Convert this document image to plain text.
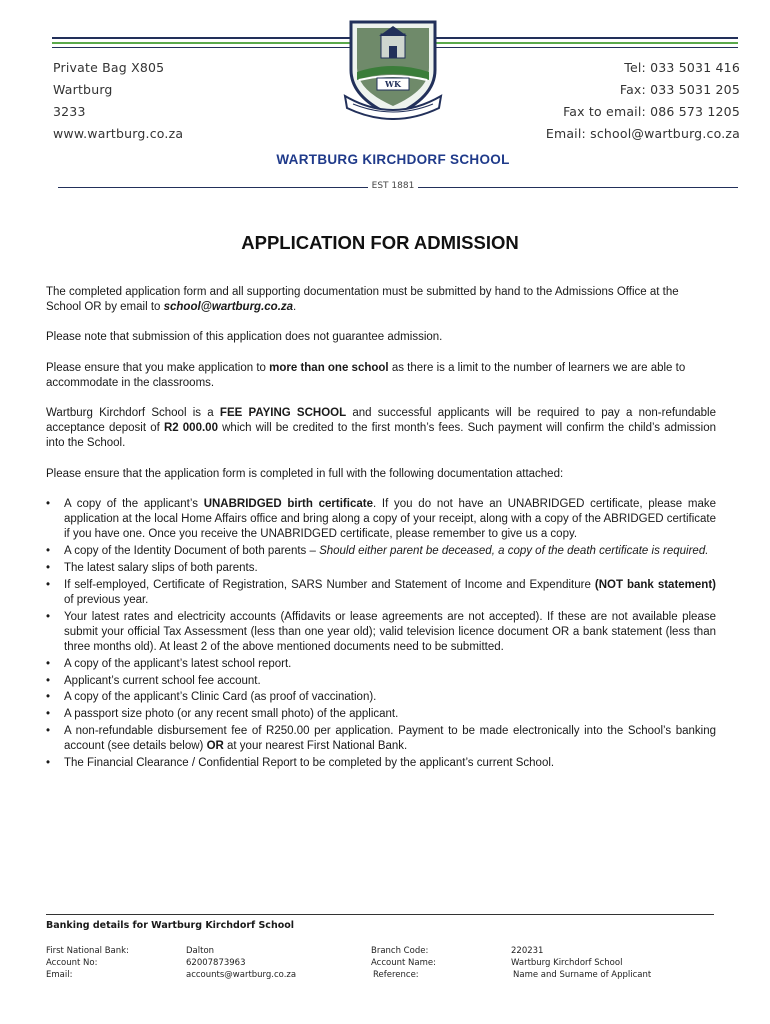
WK
Private Bag X805
Wartburg
3233
www.wartburg.co.za
Tel: 033 5031 416
Fax: 033 5031 205
Fax to email: 086 573 1205
Email: school@wartburg.co.za
WARTBURG KIRCHDORF SCHOOL
EST 1881
APPLICATION FOR ADMISSION

The completed application form and all supporting documentation must be submitted by hand to the Admissions Office at the School OR by email to school@wartburg.co.za.

Please note that submission of this application does not guarantee admission.

Please ensure that you make application to more than one school as there is a limit to the number of learners we are able to accommodate in the classrooms.

Wartburg Kirchdorf School is a FEE PAYING SCHOOL and successful applicants will be required to pay a non-refundable acceptance deposit of R2 000.00 which will be credited to the first month’s fees. Such payment will confirm the child’s admission into the School.

Please ensure that the application form is completed in full with the following documentation attached:

• A copy of the applicant’s UNABRIDGED birth certificate. If you do not have an UNABRIDGED certificate, please make application at the local Home Affairs office and bring along a copy of your receipt, along with a copy of the ABRIDGED certificate if you have one. Once you receive the UNABRIDGED certificate, please remember to give us a copy.
• A copy of the Identity Document of both parents – Should either parent be deceased, a copy of the death certificate is required.
• The latest salary slips of both parents.
• If self-employed, Certificate of Registration, SARS Number and Statement of Income and Expenditure (NOT bank statement) of previous year.
• Your latest rates and electricity accounts (Affidavits or lease agreements are not accepted). If these are not available please submit your official Tax Assessment (less than one year old); valid television licence document OR a bank statement (less than three months old). At least 2 of the above mentioned documents need to be submitted.
• A copy of the applicant’s latest school report.
• Applicant’s current school fee account.
• A copy of the applicant’s Clinic Card (as proof of vaccination).
• A passport size photo (or any recent small photo) of the applicant.
• A non-refundable disbursement fee of R250.00 per application. Payment to be made electronically into the School’s banking account (see details below) OR at your nearest First National Bank.
• The Financial Clearance / Confidential Report to be completed by the applicant’s current School.
Banking details for Wartburg Kirchdorf School
First National Bank:	Dalton
Account No:	62007873963
Email:	accounts@wartburg.co.za
Branch Code:	220231
Account Name:	Wartburg Kirchdorf School
Reference:	Name and Surname of Applicant
